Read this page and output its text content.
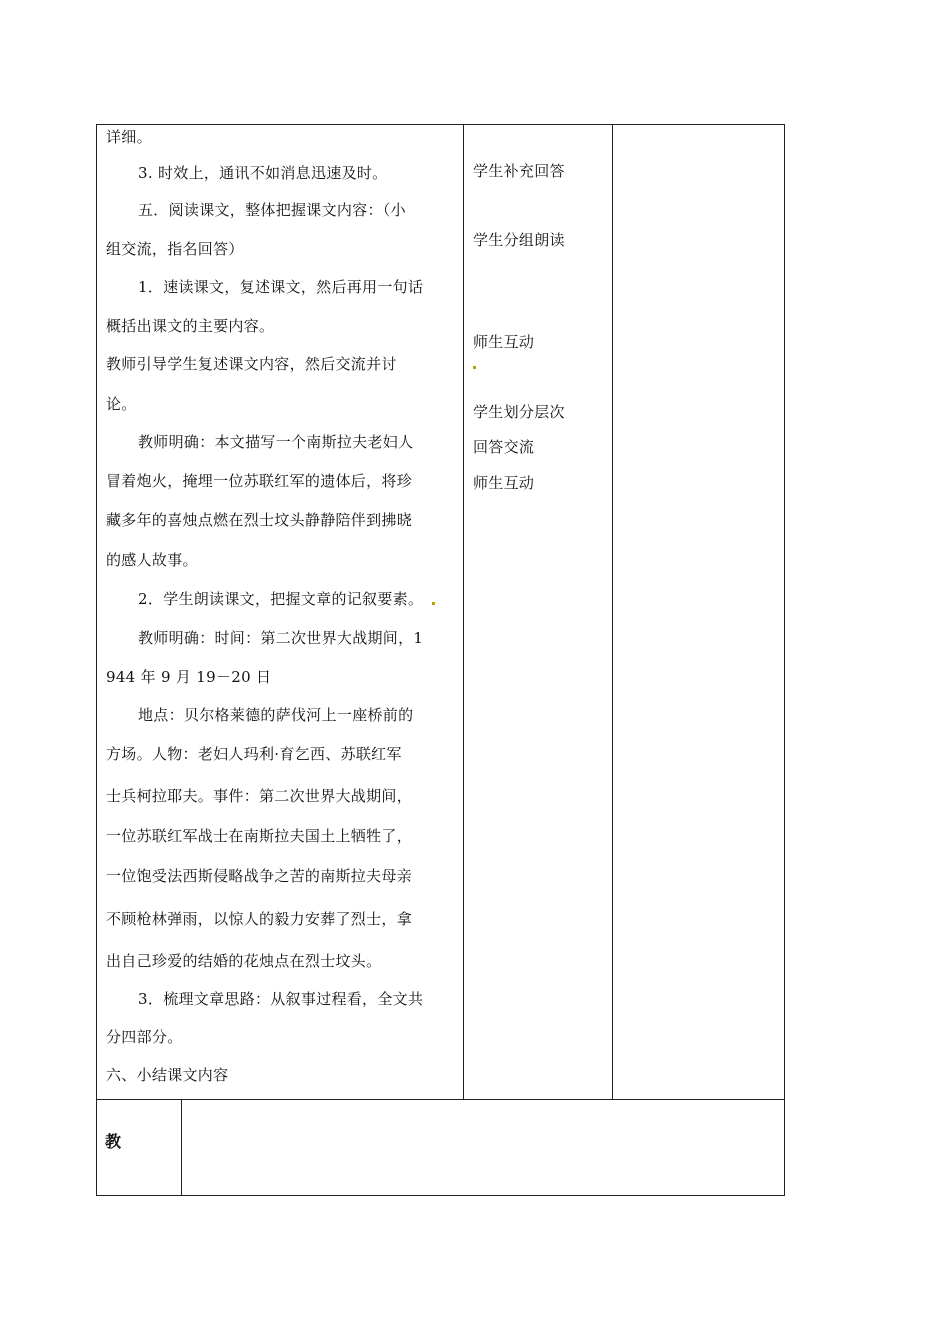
详细。
3. 时效上，通讯不如消息迅速及时。
五．阅读课文，整体把握课文内容：（小
组交流，指名回答）
1．速读课文，复述课文，然后再用一句话
概括出课文的主要内容。
教师引导学生复述课文内容，然后交流并讨
论。
教师明确：本文描写一个南斯拉夫老妇人
冒着炮火，掩埋一位苏联红军的遗体后，将珍
藏多年的喜烛点燃在烈士坟头静静陪伴到拂晓
的感人故事。
2．学生朗读课文，把握文章的记叙要素。
教师明确：时间：第二次世界大战期间，1
944 年 9 月 19－20 日
地点：贝尔格莱德的萨伐河上一座桥前的
方场。人物：老妇人玛利·育乞西、苏联红军
士兵柯拉耶夫。事件：第二次世界大战期间，
一位苏联红军战士在南斯拉夫国土上牺牲了，
一位饱受法西斯侵略战争之苦的南斯拉夫母亲
不顾枪林弹雨，以惊人的毅力安葬了烈士，拿
出自己珍爱的结婚的花烛点在烈士坟头。
3．梳理文章思路：从叙事过程看，全文共
分四部分。
六、小结课文内容
学生补充回答
学生分组朗读
师生互动
学生划分层次
回答交流
师生互动
教
